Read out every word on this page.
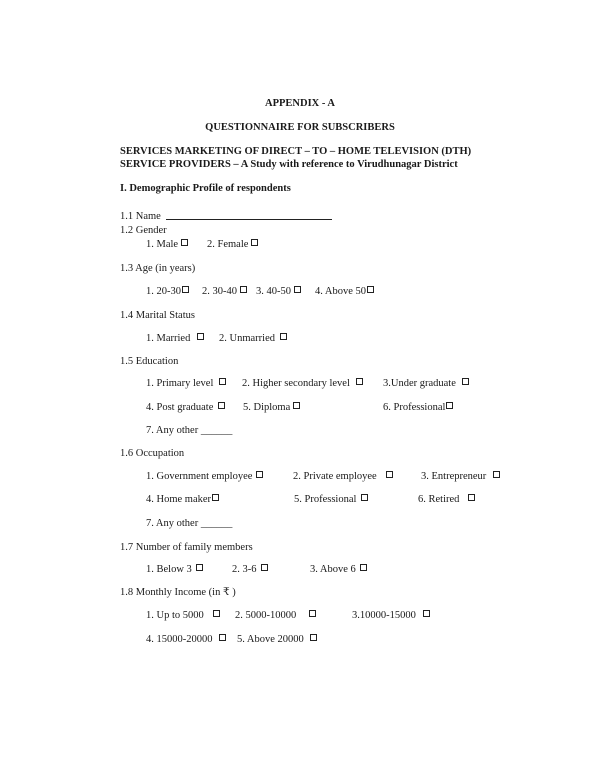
APPENDIX - A
QUESTIONNAIRE FOR SUBSCRIBERS
SERVICES MARKETING OF DIRECT – TO – HOME TELEVISION (DTH)
SERVICE PROVIDERS – A Study with reference to Virudhunagar District
I. Demographic Profile of respondents
1.1 Name
1.2 Gender
1. Male	2. Female
1.3 Age (in years)
1. 20-30	2. 30-40	3. 40-50	4. Above 50
1.4 Marital Status
1. Married	2. Unmarried
1.5 Education
1. Primary level	2. Higher secondary level	3.Under graduate
4. Post graduate	5. Diploma	6. Professional
7. Any other ______
1.6 Occupation
1. Government employee	2. Private employee	3. Entrepreneur
4. Home maker	5. Professional	6. Retired
7. Any other ______
1.7 Number of family members
1. Below 3	2. 3-6	3. Above 6
1.8 Monthly Income (in ₹ )
1. Up to 5000	2. 5000-10000	3.10000-15000
4. 15000-20000	5. Above 20000
